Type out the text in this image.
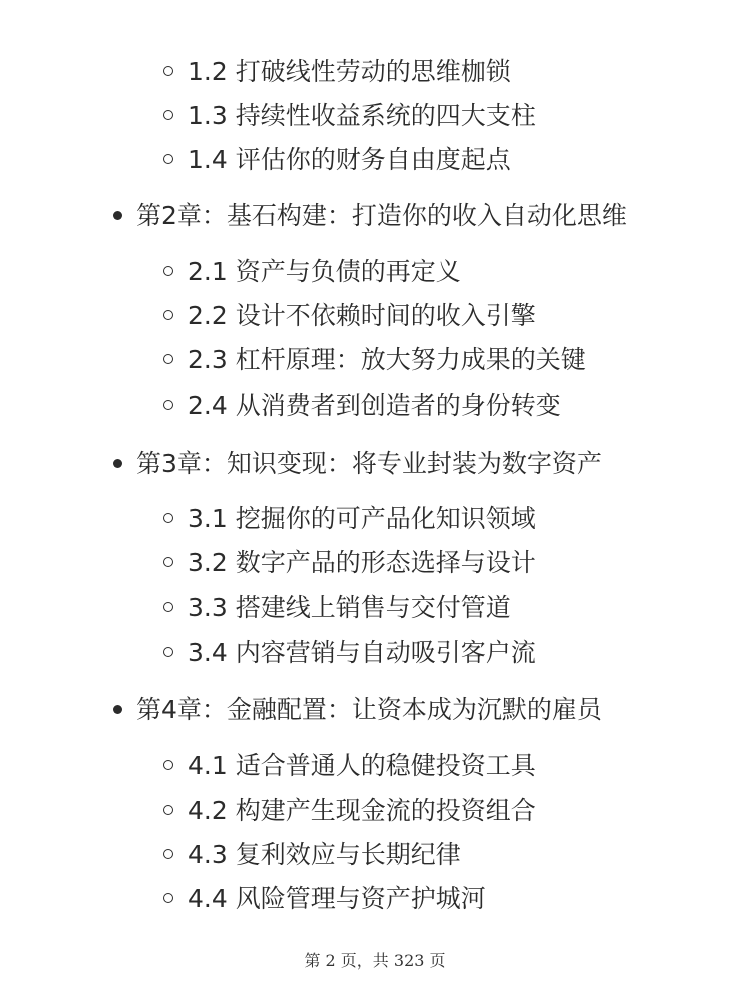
1.2 打破线性劳动的思维枷锁
1.3 持续性收益系统的四大支柱
1.4 评估你的财务自由度起点
第2章：基石构建：打造你的收入自动化思维
2.1 资产与负债的再定义
2.2 设计不依赖时间的收入引擎
2.3 杠杆原理：放大努力成果的关键
2.4 从消费者到创造者的身份转变
第3章：知识变现：将专业封装为数字资产
3.1 挖掘你的可产品化知识领域
3.2 数字产品的形态选择与设计
3.3 搭建线上销售与交付管道
3.4 内容营销与自动吸引客户流
第4章：金融配置：让资本成为沉默的雇员
4.1 适合普通人的稳健投资工具
4.2 构建产生现金流的投资组合
4.3 复利效应与长期纪律
4.4 风险管理与资产护城河
第 2 页，共 323 页
